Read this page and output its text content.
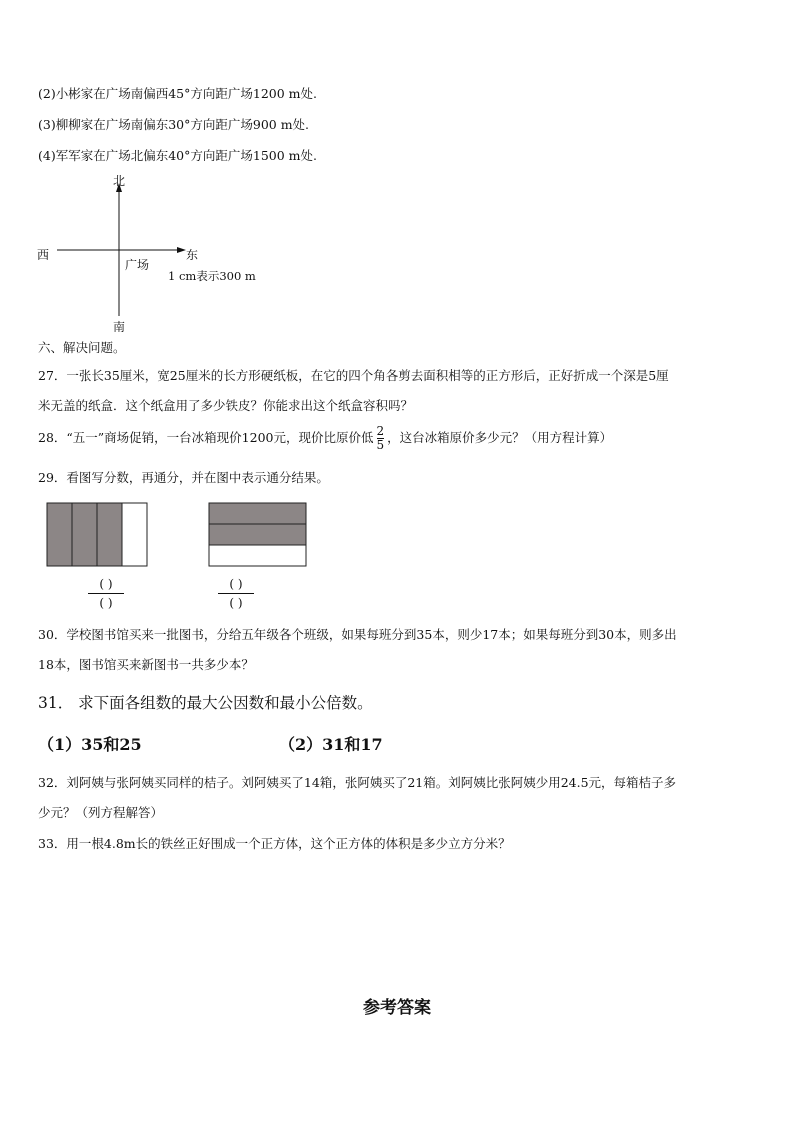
(2)小彬家在广场南偏西45°方向距广场1200 m处.
(3)柳柳家在广场南偏东30°方向距广场900 m处.
(4)军军家在广场北偏东40°方向距广场1500 m处.
北
南
西	东
广场
1 cm表示300 m
六、解决问题。
27．一张长35厘米，宽25厘米的长方形硬纸板，在它的四个角各剪去面积相等的正方形后，正好折成一个深是5厘
米无盖的纸盒．这个纸盒用了多少铁皮？你能求出这个纸盒容积吗？
28．“五一”商场促销，一台冰箱现价1200元，现价比原价低 $\frac{2}{5}$ ，这台冰箱原价多少元？（用方程计算）
29．看图写分数，再通分，并在图中表示通分结果。
( )
( )
( )
( )
30．学校图书馆买来一批图书，分给五年级各个班级，如果每班分到35本，则少17本；如果每班分到30本，则多出
18本，图书馆买来新图书一共多少本？
31． 求下面各组数的最大公因数和最小公倍数。
（1）35和25	（2）31和17
32．刘阿姨与张阿姨买同样的桔子。刘阿姨买了14箱，张阿姨买了21箱。刘阿姨比张阿姨少用24.5元，每箱桔子多
少元？（列方程解答）
33．用一根4.8m长的铁丝正好围成一个正方体，这个正方体的体积是多少立方分米？
参考答案
